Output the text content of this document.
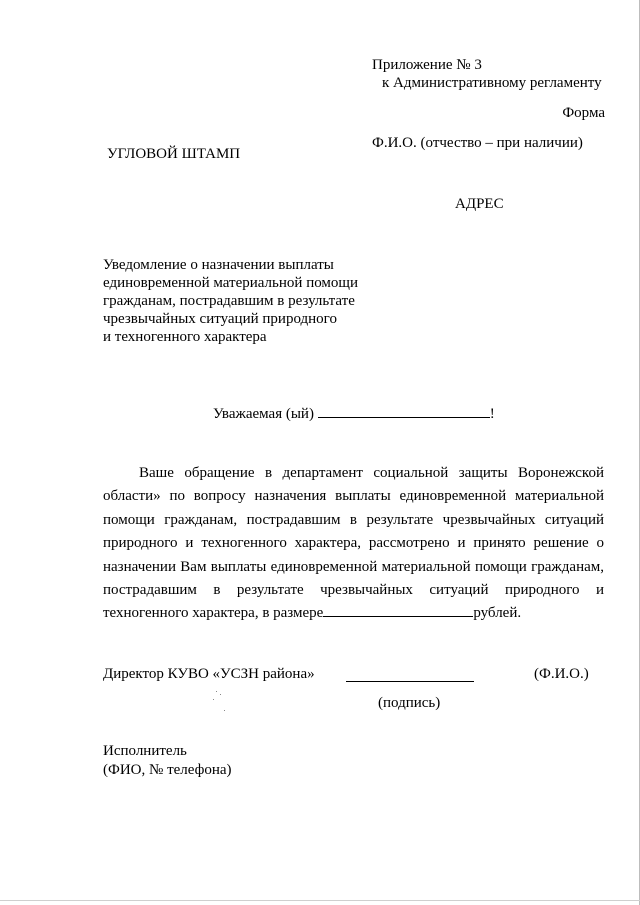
Приложение № 3
к Административному регламенту
Форма
УГЛОВОЙ ШТАМП
Ф.И.О. (отчество – при наличии)
АДРЕС
Уведомление о назначении выплаты
единовременной материальной помощи
гражданам, пострадавшим в результате
чрезвычайных ситуаций природного
и техногенного характера
Уважаемая (ый)	!
Ваше обращение в департамент социальной защиты Воронежской области» по вопросу назначения выплаты единовременной материальной помощи гражданам, пострадавшим в результате чрезвычайных ситуаций природного и техногенного характера, рассмотрено и принято решение о назначении Вам выплаты единовременной материальной помощи гражданам, пострадавшим в результате чрезвычайных ситуаций природного и техногенного характера, в размере	рублей.
Директор КУВО «УСЗН района»	(Ф.И.О.)
(подпись)
Исполнитель
(ФИО, № телефона)
